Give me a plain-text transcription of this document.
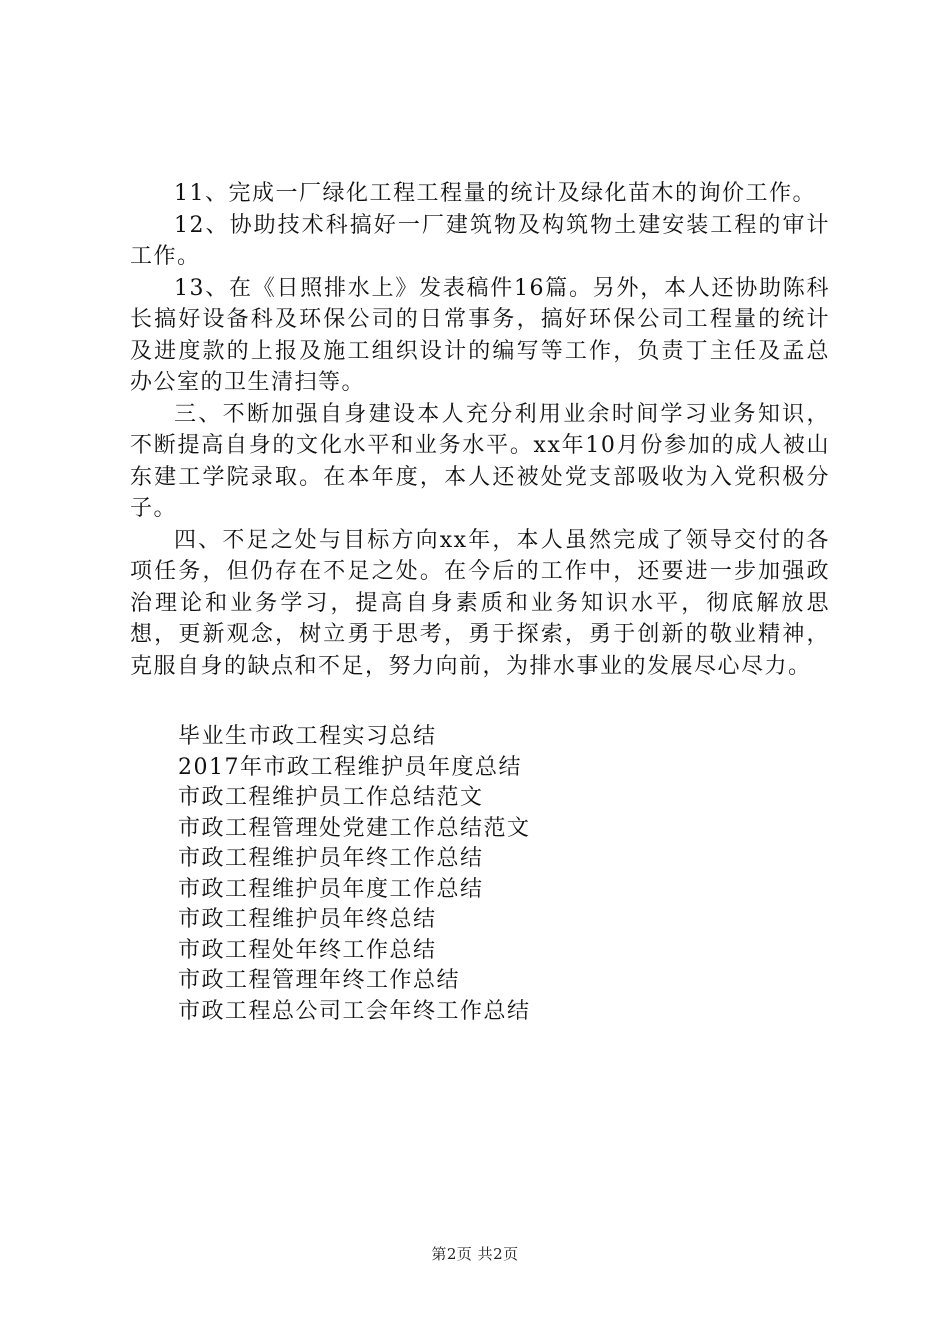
11、完成一厂绿化工程工程量的统计及绿化苗木的询价工作。

12、协助技术科搞好一厂建筑物及构筑物土建安装工程的审计工作。

13、在《日照排水上》发表稿件16篇。另外，本人还协助陈科长搞好设备科及环保公司的日常事务，搞好环保公司工程量的统计及进度款的上报及施工组织设计的编写等工作，负责丁主任及孟总办公室的卫生清扫等。

三、不断加强自身建设本人充分利用业余时间学习业务知识，不断提高自身的文化水平和业务水平。xx年10月份参加的成人被山东建工学院录取。在本年度，本人还被处党支部吸收为入党积极分子。

四、不足之处与目标方向xx年，本人虽然完成了领导交付的各项任务，但仍存在不足之处。在今后的工作中，还要进一步加强政治理论和业务学习，提高自身素质和业务知识水平，彻底解放思想，更新观念，树立勇于思考，勇于探索，勇于创新的敬业精神，克服自身的缺点和不足，努力向前，为排水事业的发展尽心尽力。

毕业生市政工程实习总结
2017年市政工程维护员年度总结
市政工程维护员工作总结范文
市政工程管理处党建工作总结范文
市政工程维护员年终工作总结
市政工程维护员年度工作总结
市政工程维护员年终总结
市政工程处年终工作总结
市政工程管理年终工作总结
市政工程总公司工会年终工作总结
第2页 共2页
